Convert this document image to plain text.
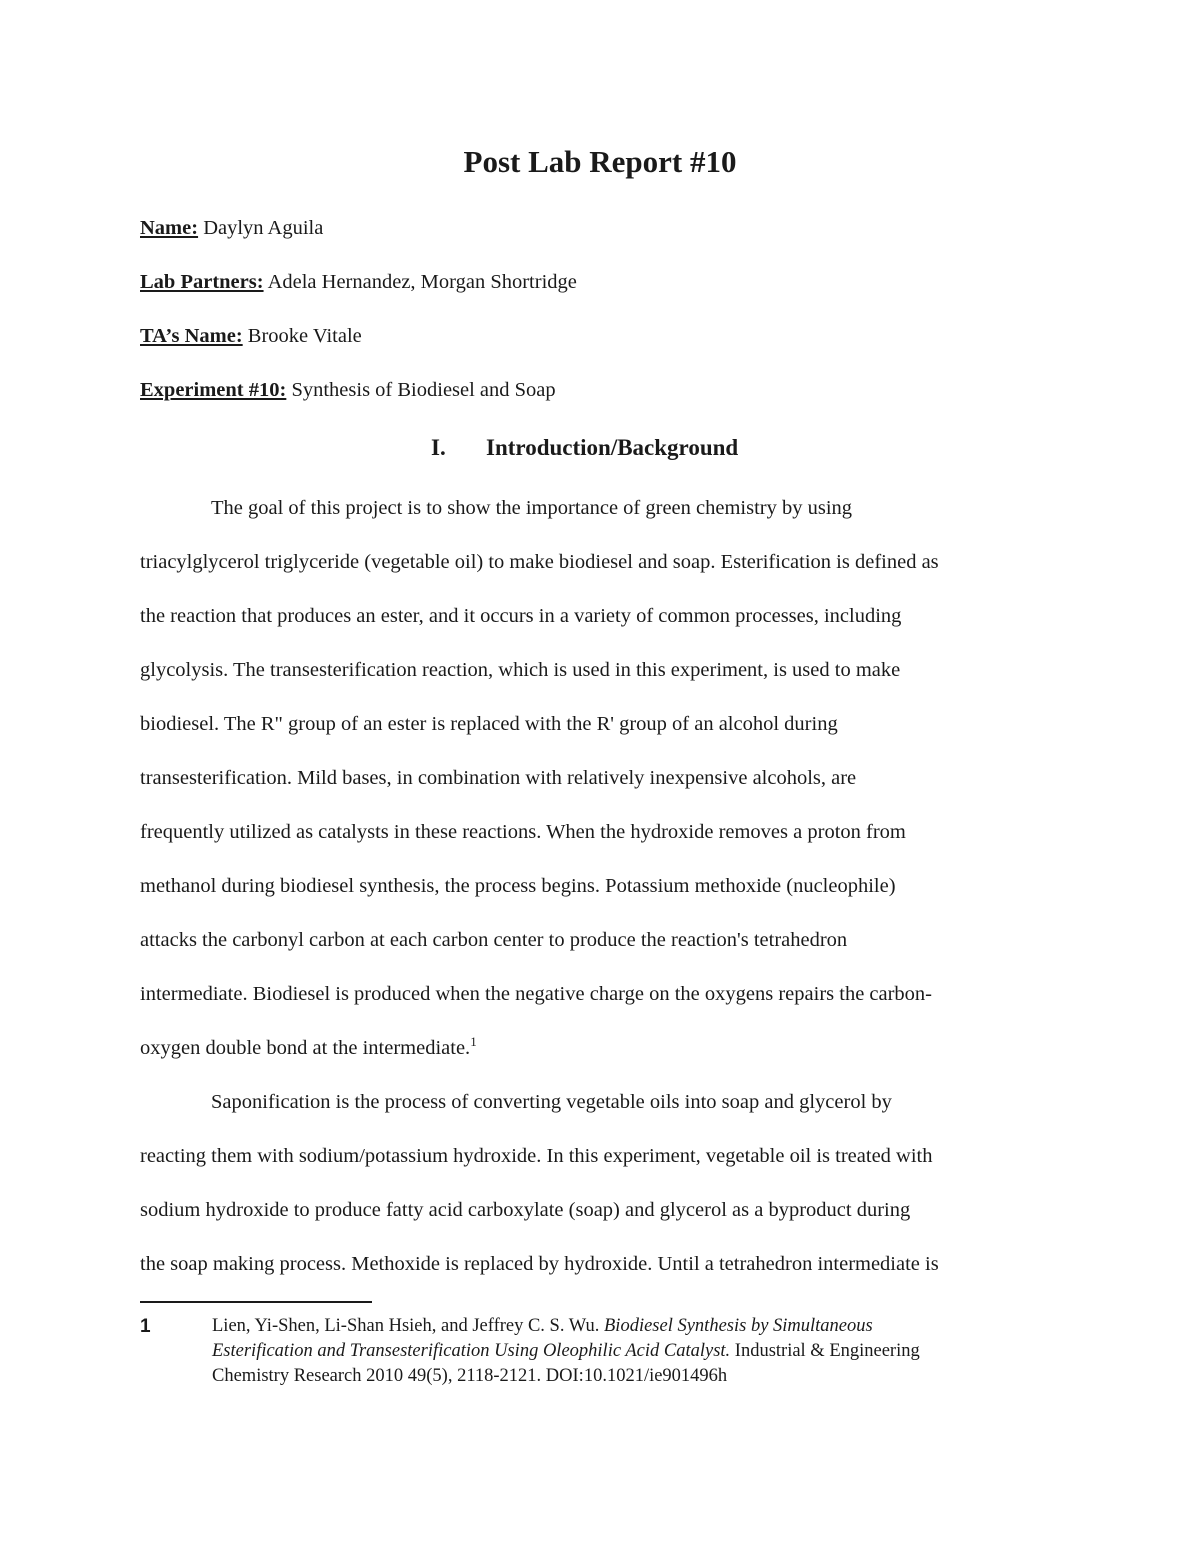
Post Lab Report #10
Name: Daylyn Aguila
Lab Partners: Adela Hernandez, Morgan Shortridge
TA’s Name: Brooke Vitale
Experiment #10: Synthesis of Biodiesel and Soap
I. Introduction/Background
The goal of this project is to show the importance of green chemistry by using
triacylglycerol triglyceride (vegetable oil) to make biodiesel and soap. Esterification is defined as
the reaction that produces an ester, and it occurs in a variety of common processes, including
glycolysis. The transesterification reaction, which is used in this experiment, is used to make
biodiesel. The R" group of an ester is replaced with the R' group of an alcohol during
transesterification. Mild bases, in combination with relatively inexpensive alcohols, are
frequently utilized as catalysts in these reactions. When the hydroxide removes a proton from
methanol during biodiesel synthesis, the process begins. Potassium methoxide (nucleophile)
attacks the carbonyl carbon at each carbon center to produce the reaction's tetrahedron
intermediate. Biodiesel is produced when the negative charge on the oxygens repairs the carbon-
oxygen double bond at the intermediate.$^1$
Saponification is the process of converting vegetable oils into soap and glycerol by
reacting them with sodium/potassium hydroxide. In this experiment, vegetable oil is treated with
sodium hydroxide to produce fatty acid carboxylate (soap) and glycerol as a byproduct during
the soap making process. Methoxide is replaced by hydroxide. Until a tetrahedron intermediate is
1	Lien, Yi-Shen, Li-Shan Hsieh, and Jeffrey C. S. Wu. Biodiesel Synthesis by Simultaneous
Esterification and Transesterification Using Oleophilic Acid Catalyst. Industrial & Engineering
Chemistry Research 2010 49(5), 2118-2121. DOI:10.1021/ie901496h
